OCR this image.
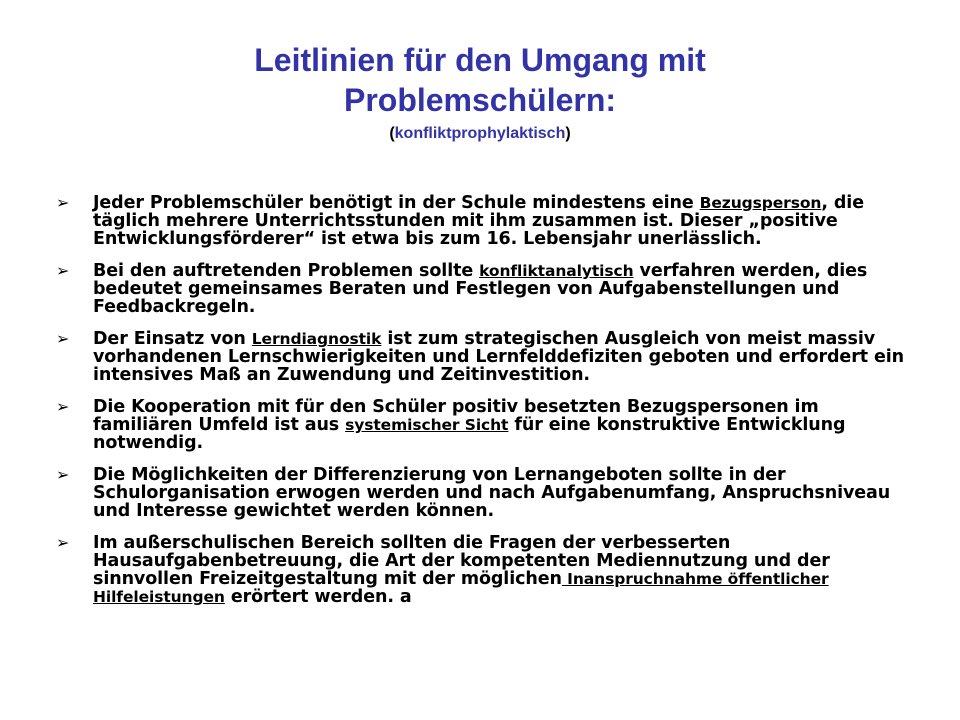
Leitlinien für den Umgang mit
Problemschülern:
(konfliktprophylaktisch)
➢ Jeder Problemschüler benötigt in der Schule mindestens eine Bezugsperson, die täglich mehrere Unterrichtsstunden mit ihm zusammen ist. Dieser „positive Entwicklungsförderer“ ist etwa bis zum 16. Lebensjahr unerlässlich.
➢ Bei den auftretenden Problemen sollte konfliktanalytisch verfahren werden, dies bedeutet gemeinsames Beraten und Festlegen von Aufgabenstellungen und Feedbackregeln.
➢ Der Einsatz von Lerndiagnostik ist zum strategischen Ausgleich von meist massiv vorhandenen Lernschwierigkeiten und Lernfelddefiziten geboten und erfordert ein intensives Maß an Zuwendung und Zeitinvestition.
➢ Die Kooperation mit für den Schüler positiv besetzten Bezugspersonen im familiären Umfeld ist aus systemischer Sicht für eine konstruktive Entwicklung notwendig.
➢ Die Möglichkeiten der Differenzierung von Lernangeboten sollte in der Schulorganisation erwogen werden und nach Aufgabenumfang, Anspruchsniveau und Interesse gewichtet werden können.
➢ Im außerschulischen Bereich sollten die Fragen der verbesserten Hausaufgabenbetreuung, die Art der kompetenten Mediennutzung und der sinnvollen Freizeitgestaltung mit der möglichen Inanspruchnahme öffentlicher Hilfeleistungen erörtert werden. a
